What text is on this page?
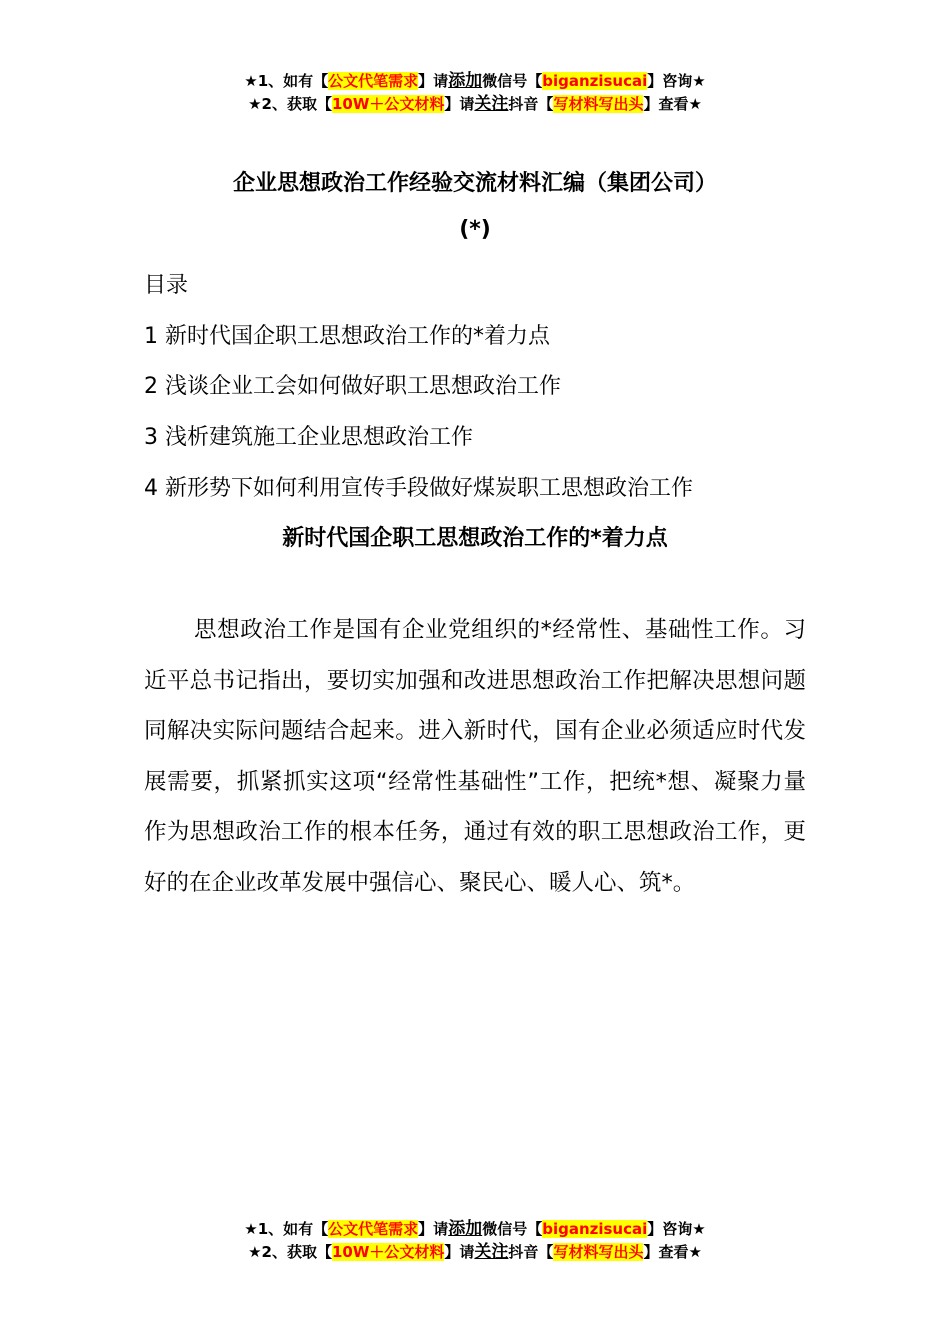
★1、如有【公文代笔需求】请添加微信号【biganzisucai】咨询★
★2、获取【10W＋公文材料】请关注抖音【写材料写出头】查看★
企业思想政治工作经验交流材料汇编（集团公司）
(*)
目录
1 新时代国企职工思想政治工作的*着力点
2 浅谈企业工会如何做好职工思想政治工作
3 浅析建筑施工企业思想政治工作
4 新形势下如何利用宣传手段做好煤炭职工思想政治工作
新时代国企职工思想政治工作的*着力点

思想政治工作是国有企业党组织的*经常性、基础性工作。习近平总书记指出，要切实加强和改进思想政治工作把解决思想问题同解决实际问题结合起来。进入新时代，国有企业必须适应时代发展需要，抓紧抓实这项“经常性基础性”工作，把统*想、凝聚力量作为思想政治工作的根本任务，通过有效的职工思想政治工作，更好的在企业改革发展中强信心、聚民心、暖人心、筑*。

★1、如有【公文代笔需求】请添加微信号【biganzisucai】咨询★
★2、获取【10W＋公文材料】请关注抖音【写材料写出头】查看★
